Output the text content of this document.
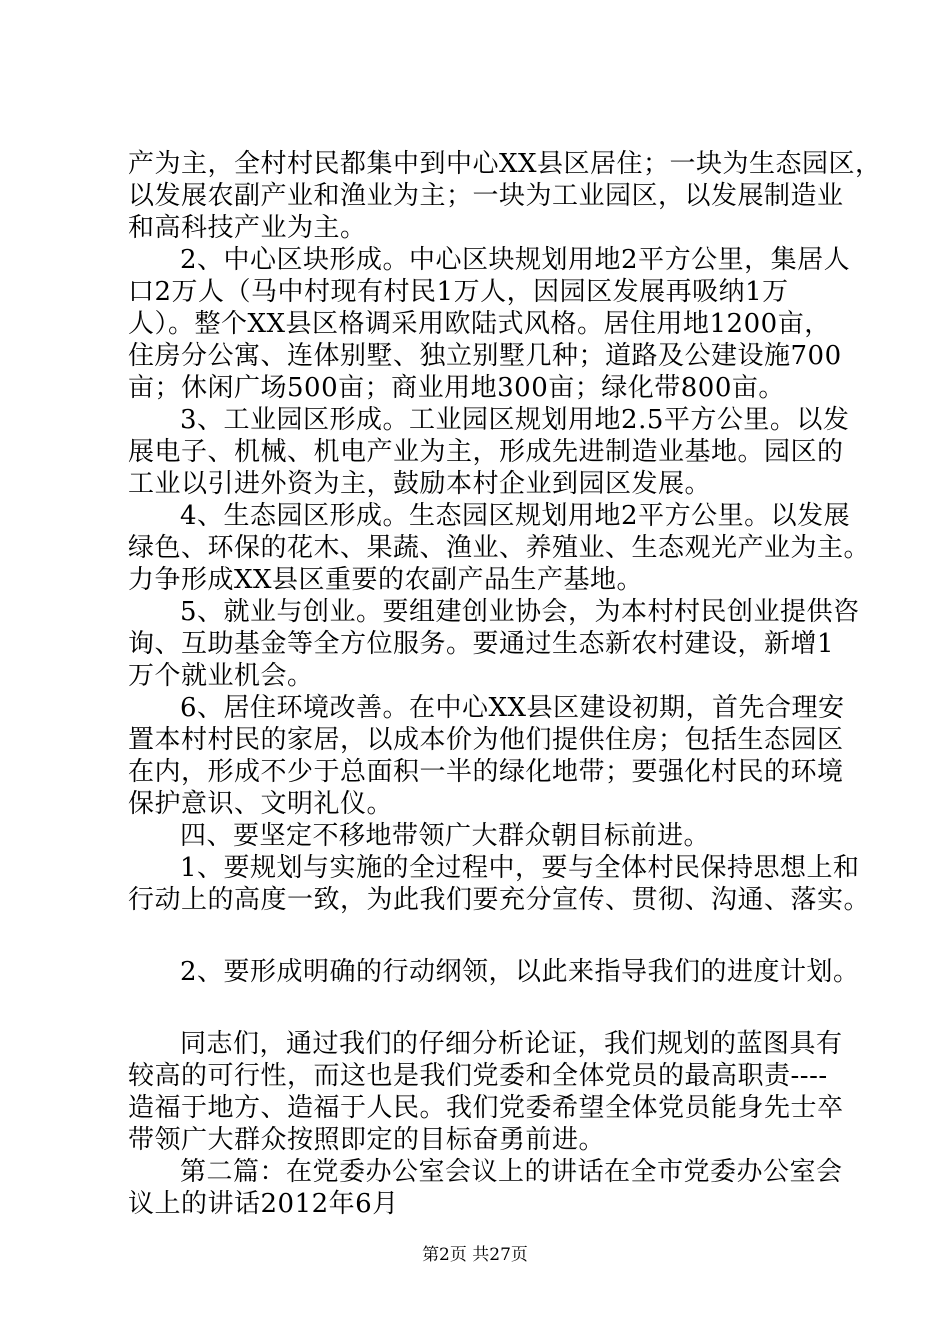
产为主，全村村民都集中到中心XX县区居住；一块为生态园区，
以发展农副产业和渔业为主；一块为工业园区，以发展制造业
和高科技产业为主。
2、中心区块形成。中心区块规划用地2平方公里，集居人
口2万人（马中村现有村民1万人，因园区发展再吸纳1万
人）。整个XX县区格调采用欧陆式风格。居住用地1200亩，
住房分公寓、连体别墅、独立别墅几种；道路及公建设施700
亩；休闲广场500亩；商业用地300亩；绿化带800亩。
3、工业园区形成。工业园区规划用地2.5平方公里。以发
展电子、机械、机电产业为主，形成先进制造业基地。园区的
工业以引进外资为主，鼓励本村企业到园区发展。
4、生态园区形成。生态园区规划用地2平方公里。以发展
绿色、环保的花木、果蔬、渔业、养殖业、生态观光产业为主。
力争形成XX县区重要的农副产品生产基地。
5、就业与创业。要组建创业协会，为本村村民创业提供咨
询、互助基金等全方位服务。要通过生态新农村建设，新增1
万个就业机会。
6、居住环境改善。在中心XX县区建设初期，首先合理安
置本村村民的家居，以成本价为他们提供住房；包括生态园区
在内，形成不少于总面积一半的绿化地带；要强化村民的环境
保护意识、文明礼仪。
四、要坚定不移地带领广大群众朝目标前进。
1、要规划与实施的全过程中，要与全体村民保持思想上和
行动上的高度一致，为此我们要充分宣传、贯彻、沟通、落实。
2、要形成明确的行动纲领，以此来指导我们的进度计划。
同志们，通过我们的仔细分析论证，我们规划的蓝图具有
较高的可行性，而这也是我们党委和全体党员的最高职责----
造福于地方、造福于人民。我们党委希望全体党员能身先士卒
带领广大群众按照即定的目标奋勇前进。
第二篇：在党委办公室会议上的讲话在全市党委办公室会
议上的讲话2012年6月
第2页 共27页
